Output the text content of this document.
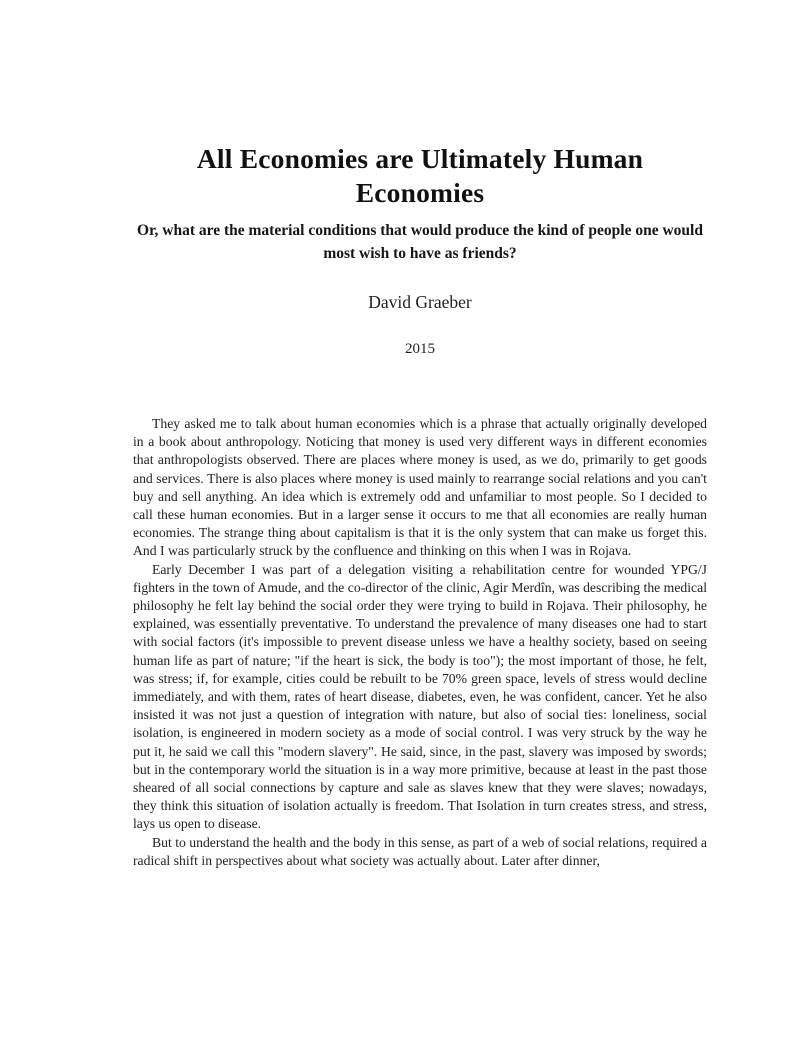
All Economies are Ultimately Human Economies
Or, what are the material conditions that would produce the kind of people one would most wish to have as friends?
David Graeber
2015

They asked me to talk about human economies which is a phrase that actually originally developed in a book about anthropology. Noticing that money is used very different ways in different economies that anthropologists observed. There are places where money is used, as we do, primarily to get goods and services. There is also places where money is used mainly to rearrange social relations and you can't buy and sell anything. An idea which is extremely odd and unfamiliar to most people. So I decided to call these human economies. But in a larger sense it occurs to me that all economies are really human economies. The strange thing about capitalism is that it is the only system that can make us forget this. And I was particularly struck by the confluence and thinking on this when I was in Rojava.

Early December I was part of a delegation visiting a rehabilitation centre for wounded YPG/J fighters in the town of Amude, and the co-director of the clinic, Agir Merdîn, was describing the medical philosophy he felt lay behind the social order they were trying to build in Rojava. Their philosophy, he explained, was essentially preventative. To understand the prevalence of many diseases one had to start with social factors (it's impossible to prevent disease unless we have a healthy society, based on seeing human life as part of nature; "if the heart is sick, the body is too"); the most important of those, he felt, was stress; if, for example, cities could be rebuilt to be 70% green space, levels of stress would decline immediately, and with them, rates of heart disease, diabetes, even, he was confident, cancer. Yet he also insisted it was not just a question of integration with nature, but also of social ties: loneliness, social isolation, is engineered in modern society as a mode of social control. I was very struck by the way he put it, he said we call this "modern slavery". He said, since, in the past, slavery was imposed by swords; but in the contemporary world the situation is in a way more primitive, because at least in the past those sheared of all social connections by capture and sale as slaves knew that they were slaves; nowadays, they think this situation of isolation actually is freedom. That Isolation in turn creates stress, and stress, lays us open to disease.

But to understand the health and the body in this sense, as part of a web of social relations, required a radical shift in perspectives about what society was actually about. Later after dinner,
